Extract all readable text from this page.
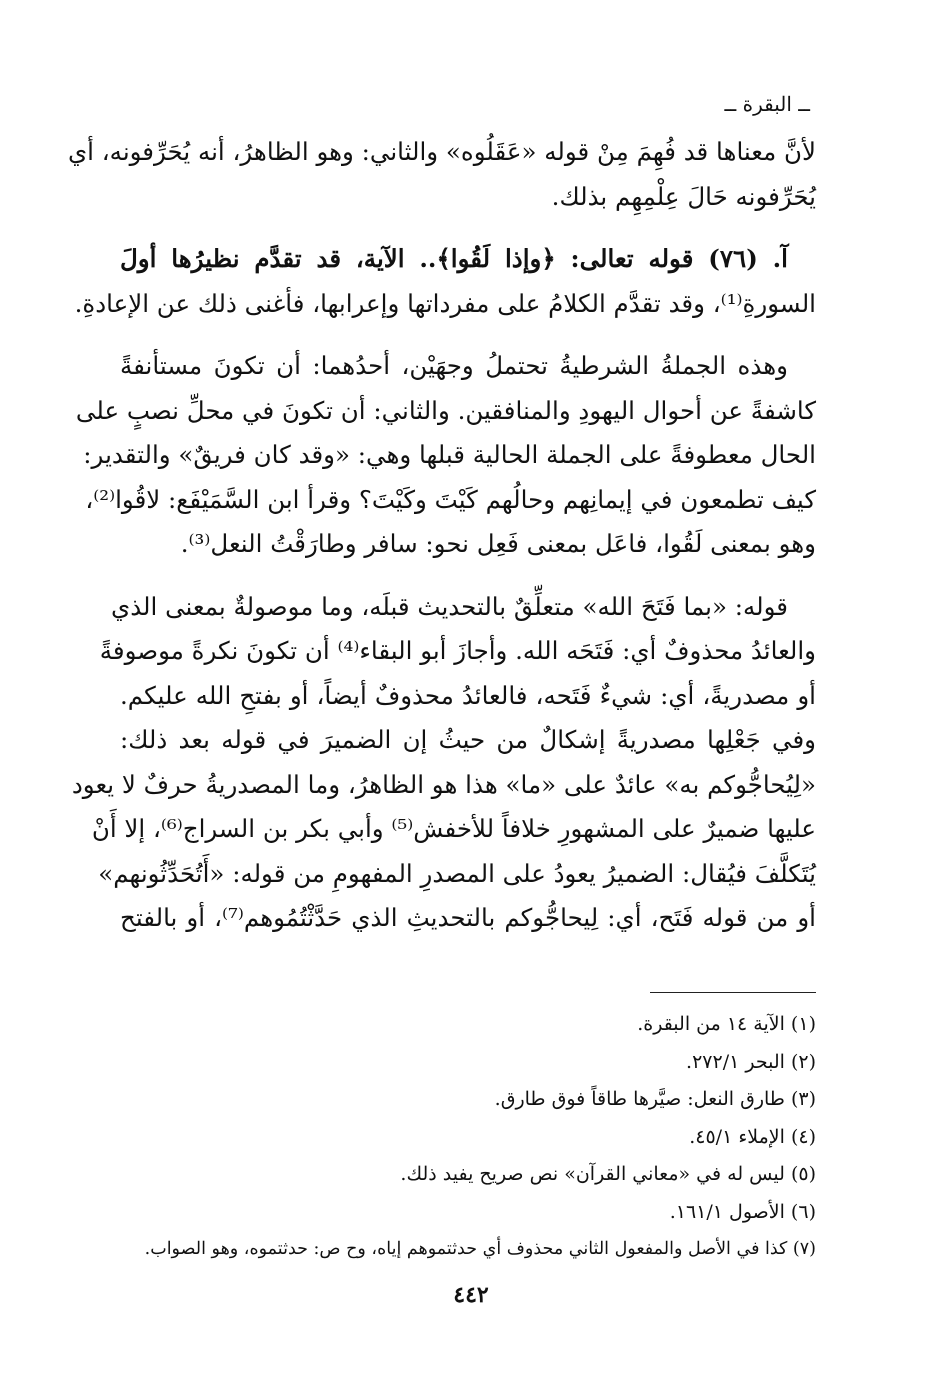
ــ البقرة ــ
لأنَّ معناها قد فُهِمَ مِنْ قوله «عَقَلُوه» والثاني: وهو الظاهرُ، أنه يُحَرِّفونه، أي
يُحَرِّفونه حَالَ عِلْمِهِم بذلك.
آ. (٧٦) قوله تعالى: ﴿وإذا لَقُوا﴾.. الآية، قد تقدَّم نظيرُها أولَ
السورةِ⁽¹⁾، وقد تقدَّم الكلامُ على مفرداتها وإعرابها، فأغنى ذلك عن الإعادةِ.
وهذه الجملةُ الشرطيةُ تحتملُ وجهَيْن، أحدُهما: أن تكونَ مستأنفةً
كاشفةً عن أحوال اليهودِ والمنافقين. والثاني: أن تكونَ في محلِّ نصبٍ على
الحال معطوفةً على الجملة الحالية قبلها وهي: «وقد كان فريقٌ» والتقدير:
كيف تطمعون في إيمانِهم وحالُهم كَيْتَ وكَيْتَ؟ وقرأ ابن السَّمَيْفَع: لاقُوا⁽²⁾،
وهو بمعنى لَقُوا، فاعَل بمعنى فَعِل نحو: سافر وطارَقْتُ النعل⁽³⁾.
قوله: «بما فَتَحَ الله» متعلِّقٌ بالتحديث قبلَه، وما موصولةٌ بمعنى الذي
والعائدُ محذوفٌ أي: فَتَحَه الله. وأجازَ أبو البقاء⁽⁴⁾ أن تكونَ نكرةً موصوفةً
أو مصدريةً، أي: شيءٌ فَتَحه، فالعائدُ محذوفٌ أيضاً، أو بفتحِ الله عليكم.
وفي جَعْلِها مصدريةً إشكالٌ من حيثُ إن الضميرَ في قوله بعد ذلك:
«لِيُحاجُّوكم به» عائدٌ على «ما» هذا هو الظاهرُ، وما المصدريةُ حرفٌ لا يعود
عليها ضميرٌ على المشهورِ خلافاً للأخفش⁽⁵⁾ وأبي بكر بن السراج⁽⁶⁾، إلا أَنْ
يُتَكلَّفَ فيُقال: الضميرُ يعودُ على المصدرِ المفهومِ من قوله: «أَتُحَدِّثُونهم»
أو من قوله فَتَح، أي: لِيحاجُّوكم بالتحديثِ الذي حَدَّثْتُمُوهم⁽⁷⁾، أو بالفتح
(١) الآية ١٤ من البقرة.
(٢) البحر ٢٧٢/١.
(٣) طارق النعل: صيَّرها طاقاً فوق طارق.
(٤) الإملاء ٤٥/١.
(٥) ليس له في «معاني القرآن» نص صريح يفيد ذلك.
(٦) الأصول ١٦١/١.
(٧) كذا في الأصل والمفعول الثاني محذوف أي حدثتموهم إياه، وح ص: حدثتموه، وهو الصواب.
٤٤٢
